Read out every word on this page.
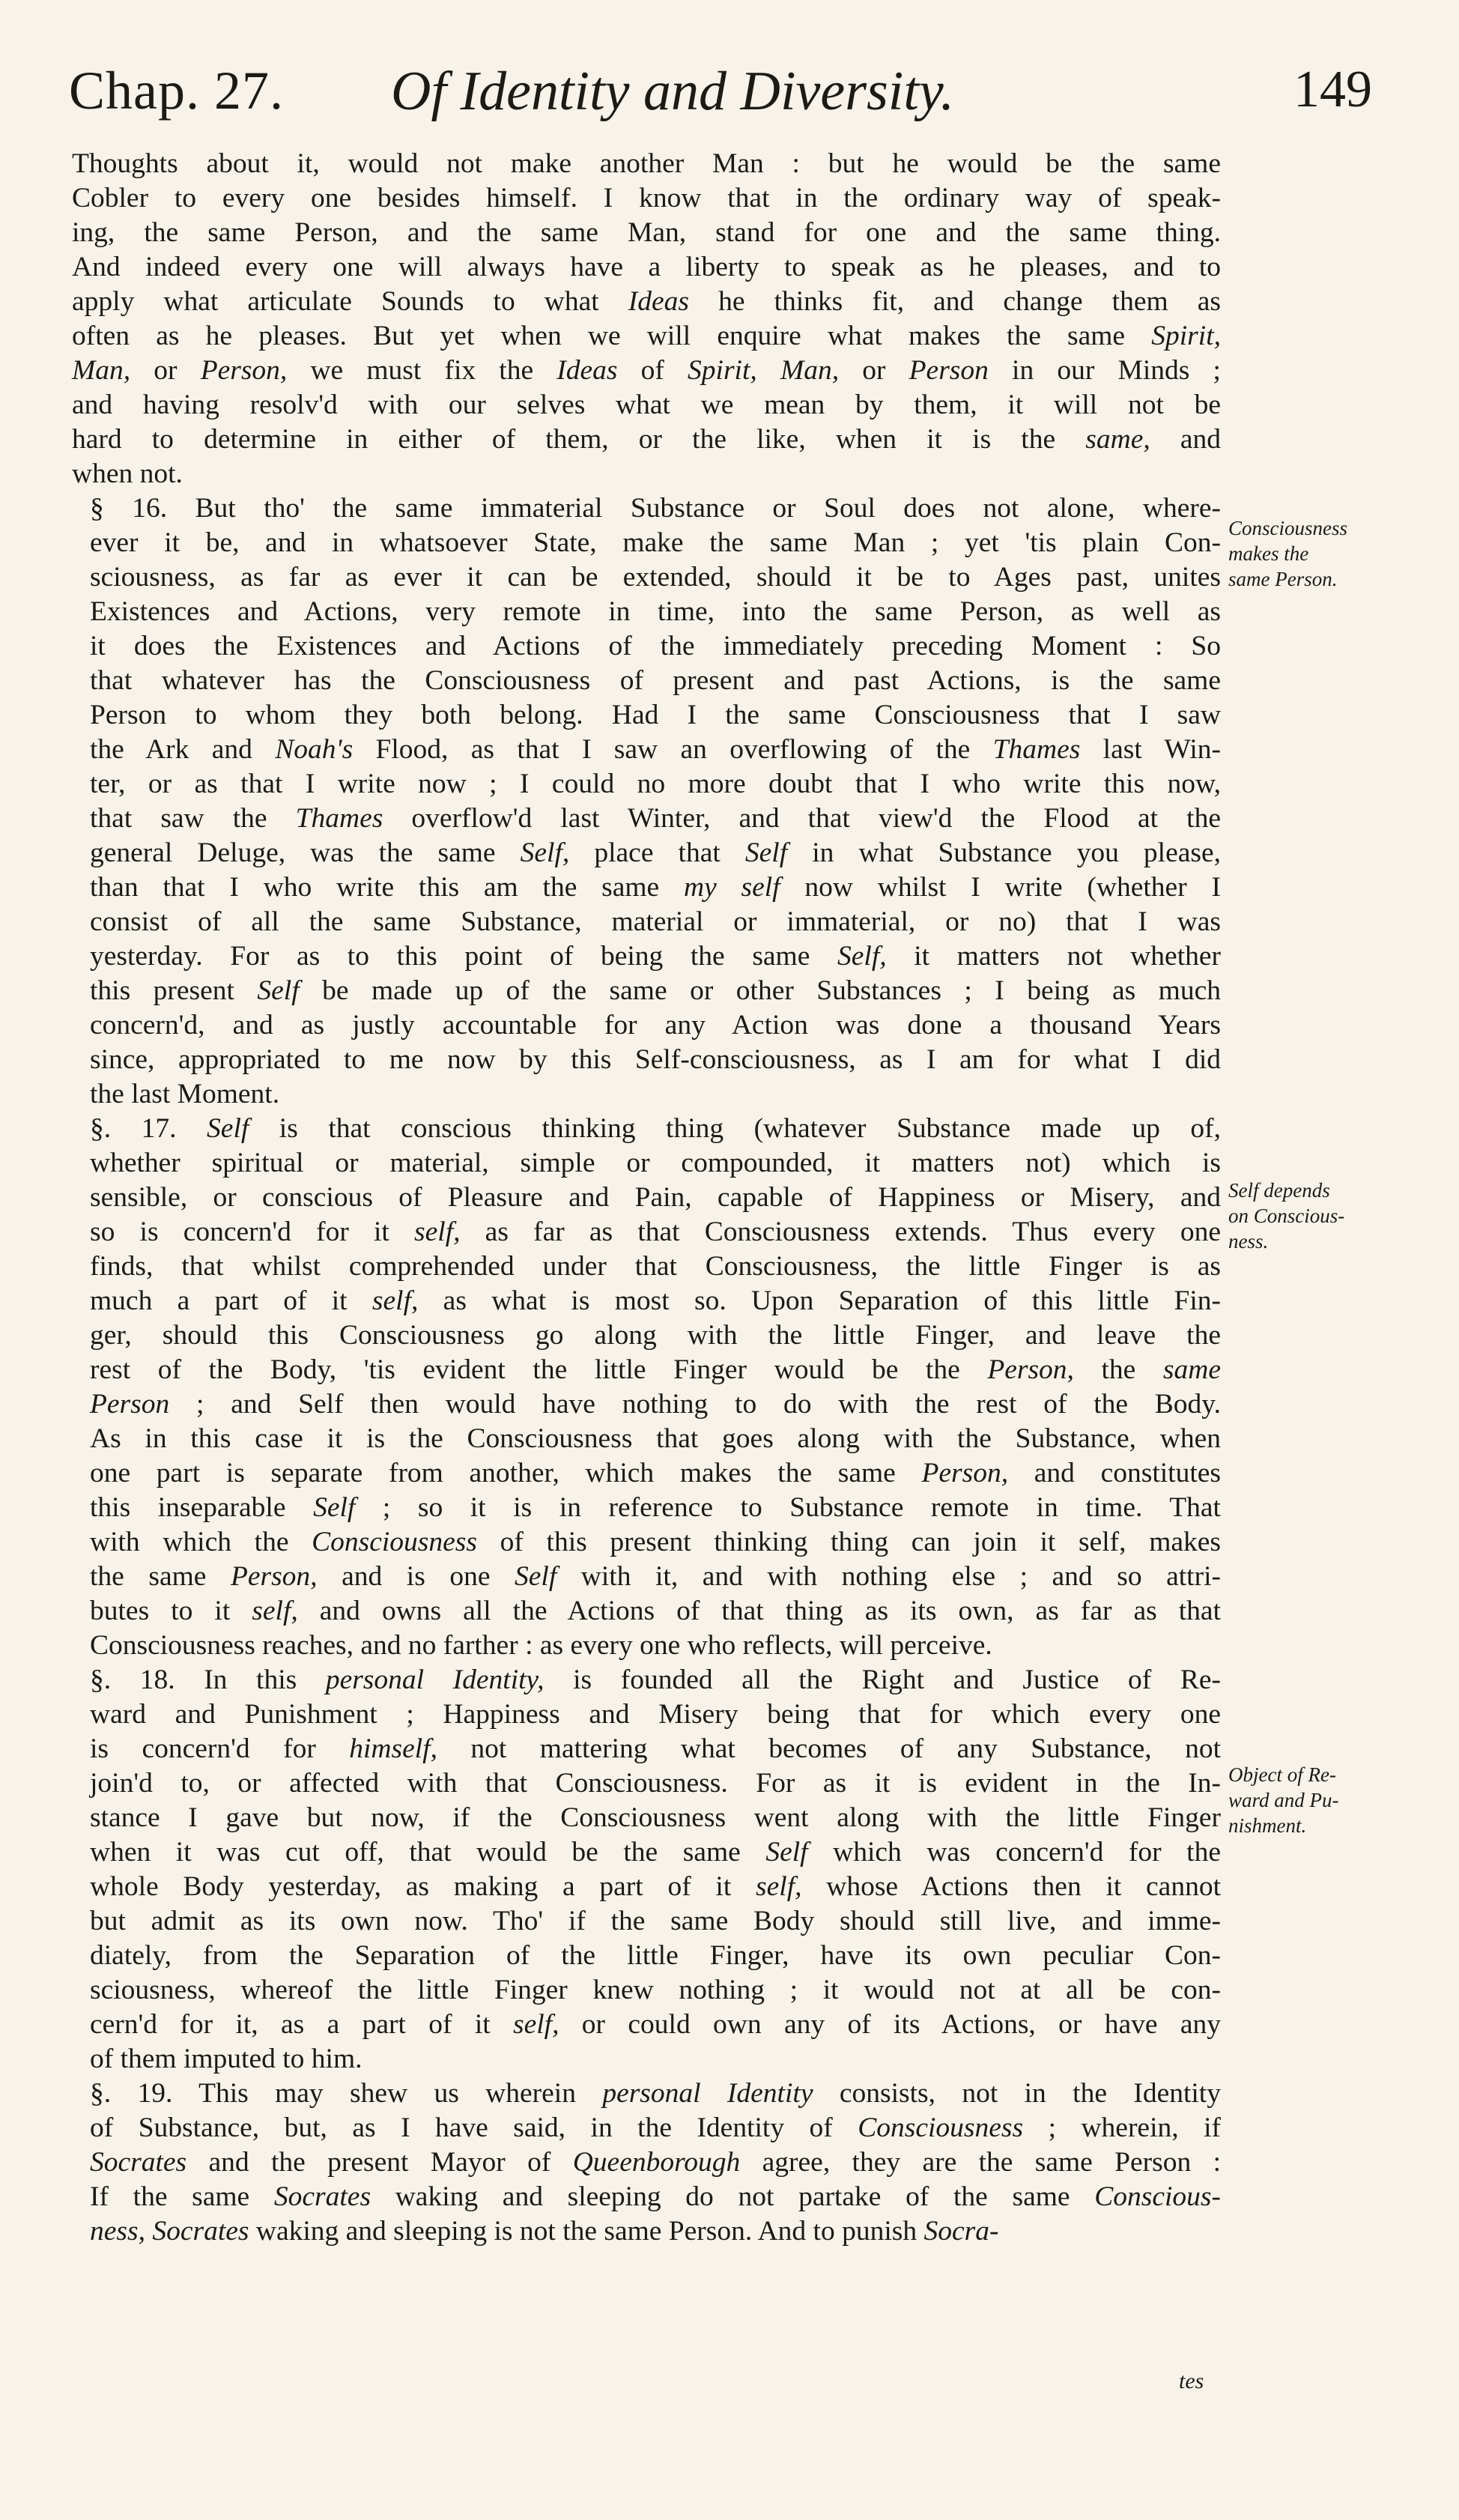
Chap. 27. Of Identity and Diversity.	149

Thoughts about it, would not make another Man : but he would be the same
Cobler to every one besides himself. I know that in the ordinary way of speak-
ing, the same Person, and the same Man, stand for one and the same thing.
And indeed every one will always have a liberty to speak as he pleases, and to
apply what articulate Sounds to what Ideas he thinks fit, and change them as
often as he pleases. But yet when we will enquire what makes the same Spirit,
Man, or Person, we must fix the Ideas of Spirit, Man, or Person in our Minds ;
and having resolv'd with our selves what we mean by them, it will not be
hard to determine in either of them, or the like, when it is the same, and
when not.

§ 16. But tho' the same immaterial Substance or Soul does not alone, where-
ever it be, and in whatsoever State, make the same Man ; yet 'tis plain Con-
sciousness, as far as ever it can be extended, should it be to Ages past, unites
Existences and Actions, very remote in time, into the same Person, as well as
it does the Existences and Actions of the immediately preceding Moment : So
that whatever has the Consciousness of present and past Actions, is the same
Person to whom they both belong. Had I the same Consciousness that I saw
the Ark and Noah's Flood, as that I saw an overflowing of the Thames last Win-
ter, or as that I write now ; I could no more doubt that I who write this now,
that saw the Thames overflow'd last Winter, and that view'd the Flood at the
general Deluge, was the same Self, place that Self in what Substance you please,
than that I who write this am the same my self now whilst I write (whether I
consist of all the same Substance, material or immaterial, or no) that I was
yesterday. For as to this point of being the same Self, it matters not whether
this present Self be made up of the same or other Substances ; I being as much
concern'd, and as justly accountable for any Action was done a thousand Years
since, appropriated to me now by this Self-consciousness, as I am for what I did
the last Moment.

§. 17. Self is that conscious thinking thing (whatever Substance made up of,
whether spiritual or material, simple or compounded, it matters not) which is
sensible, or conscious of Pleasure and Pain, capable of Happiness or Misery, and
so is concern'd for it self, as far as that Consciousness extends. Thus every one
finds, that whilst comprehended under that Consciousness, the little Finger is as
much a part of it self, as what is most so. Upon Separation of this little Fin-
ger, should this Consciousness go along with the little Finger, and leave the
rest of the Body, 'tis evident the little Finger would be the Person, the same
Person ; and Self then would have nothing to do with the rest of the Body.
As in this case it is the Consciousness that goes along with the Substance, when
one part is separate from another, which makes the same Person, and constitutes
this inseparable Self ; so it is in reference to Substance remote in time. That
with which the Consciousness of this present thinking thing can join it self, makes
the same Person, and is one Self with it, and with nothing else ; and so attri-
butes to it self, and owns all the Actions of that thing as its own, as far as that
Consciousness reaches, and no farther : as every one who reflects, will perceive.

§. 18. In this personal Identity, is founded all the Right and Justice of Re-
ward and Punishment ; Happiness and Misery being that for which every one
is concern'd for himself, not mattering what becomes of any Substance, not
join'd to, or affected with that Consciousness. For as it is evident in the In-
stance I gave but now, if the Consciousness went along with the little Finger
when it was cut off, that would be the same Self which was concern'd for the
whole Body yesterday, as making a part of it self, whose Actions then it cannot
but admit as its own now. Tho' if the same Body should still live, and imme-
diately, from the Separation of the little Finger, have its own peculiar Con-
sciousness, whereof the little Finger knew nothing ; it would not at all be con-
cern'd for it, as a part of it self, or could own any of its Actions, or have any
of them imputed to him.

§. 19. This may shew us wherein personal Identity consists, not in the Identity
of Substance, but, as I have said, in the Identity of Consciousness ; wherein, if
Socrates and the present Mayor of Queenborough agree, they are the same Person :
If the same Socrates waking and sleeping do not partake of the same Conscious-
ness, Socrates waking and sleeping is not the same Person. And to punish Socra-

Consciousness
makes the
same Person.
Self depends
on Conscious-
ness.
Object of Re-
ward and Pu-
nishment.
tes
